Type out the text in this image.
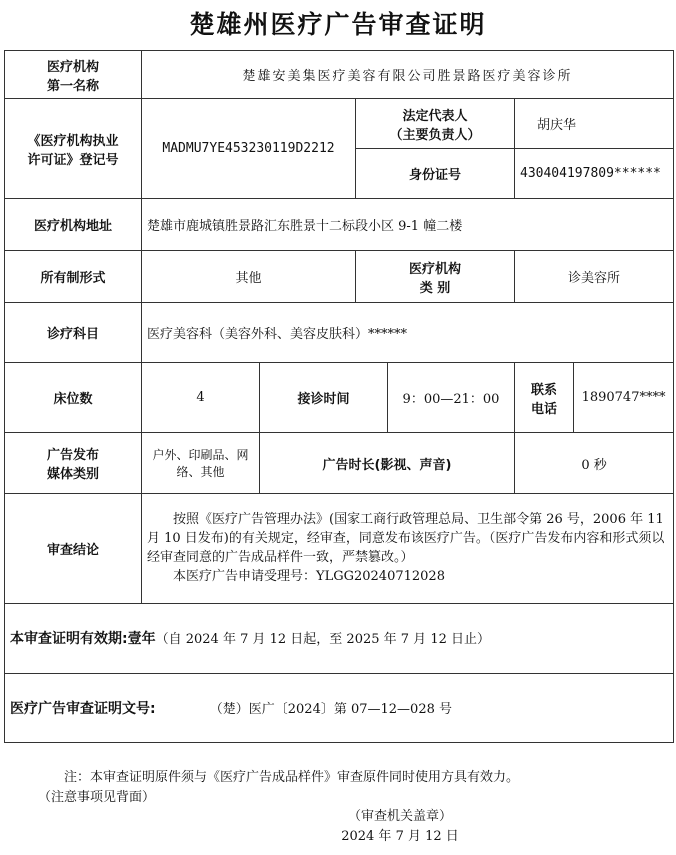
楚雄州医疗广告审查证明
医疗机构
第一名称	楚雄安美集医疗美容有限公司胜景路医疗美容诊所					
《医疗机构执业
许可证》登记号	MADMU7YE453230119D2212		法定代表人
（主要负责人）		胡庆华	
			身份证号		430404197809******	
医疗机构地址	楚雄市鹿城镇胜景路汇东胜景十二标段小区 9-1 幢二楼					
所有制形式	其他		医疗机构
类 别		诊美容所	
诊疗科目	医疗美容科（美容外科、美容皮肤科）******					
床位数	4	接诊时间		9：00—21：00	联系
电话	1890747****
广告发布
媒体类别	户外、印刷品、网络、其他	广告时长(影视、声音)			0 秒	
审查结论	按照《医疗广告管理办法》(国家工商行政管理总局、卫生部令第 26 号，2006 年 11 月 10 日发布)的有关规定，经审查，同意发布该医疗广告。（医疗广告发布内容和形式须以经审查同意的广告成品样件一致，严禁篡改。）

本医疗广告申请受理号：YLGG20240712028					

本审查证明有效期:壹年（自 2024 年 7 月 12 日起，至 2025 年 7 月 12 日止）						
医疗广告审查证明文号: （楚）医广〔2024〕第 07—12—028 号						
注：本审查证明原件须与《医疗广告成品样件》审查原件同时使用方具有效力。
（注意事项见背面）
（审查机关盖章）
2024 年 7 月 12 日
